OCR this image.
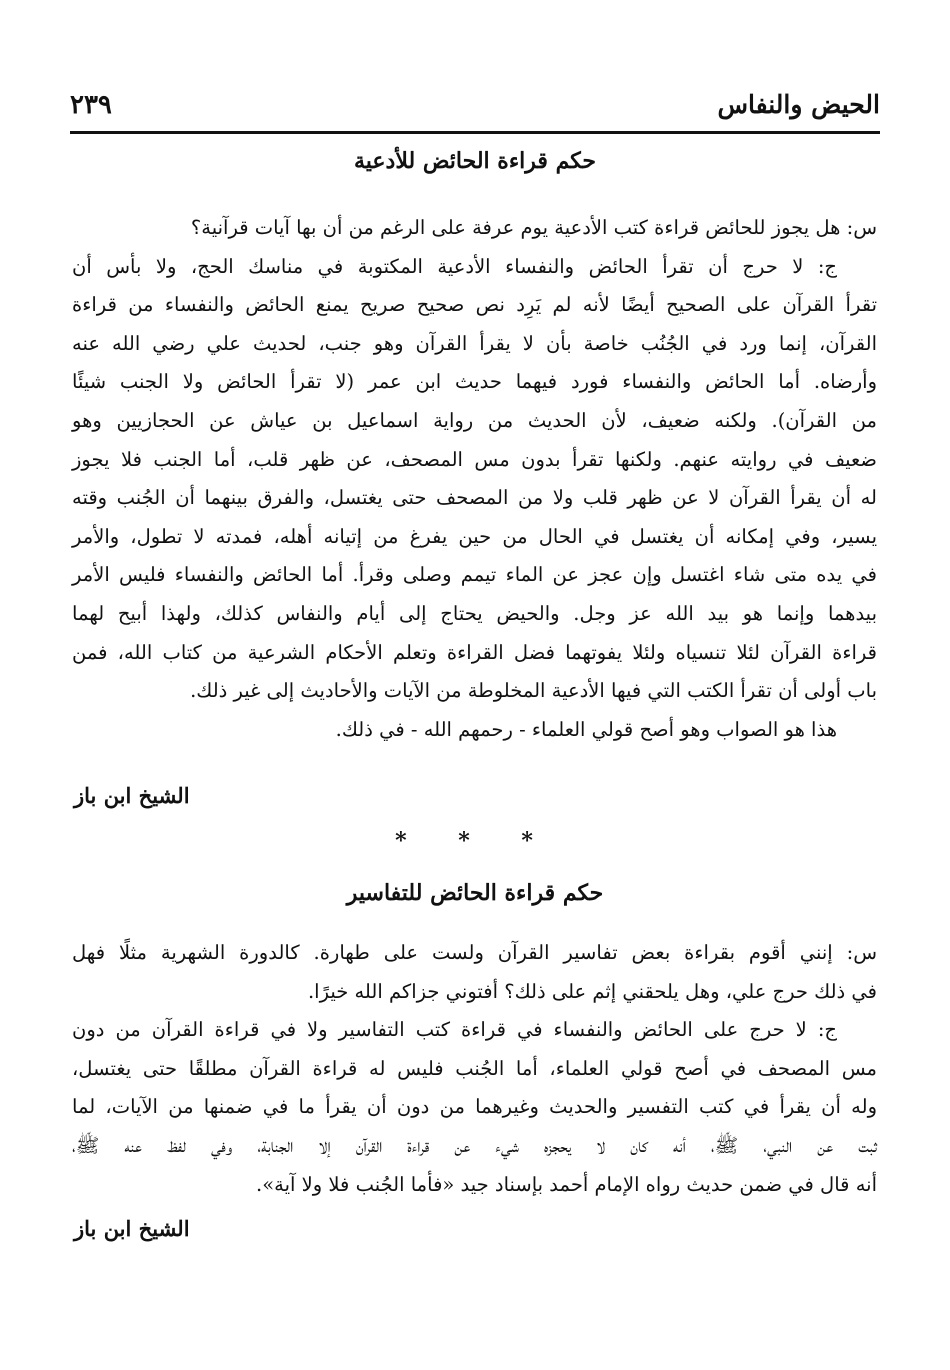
الحيض والنفاس
٢٣٩
حكم قراءة الحائض للأدعية
س: هل يجوز للحائض قراءة كتب الأدعية يوم عرفة على الرغم من أن بها آيات قرآنية؟
ج: لا حرج أن تقرأ الحائض والنفساء الأدعية المكتوبة في مناسك الحج، ولا بأس أن
تقرأ القرآن على الصحيح أيضًا لأنه لم يَرِد نص صحيح صريح يمنع الحائض والنفساء من قراءة
القرآن، إنما ورد في الجُنُب خاصة بأن لا يقرأ القرآن وهو جنب، لحديث علي رضي الله عنه
وأرضاه. أما الحائض والنفساء فورد فيهما حديث ابن عمر (لا تقرأ الحائض ولا الجنب شيئًا
من القرآن). ولكنه ضعيف، لأن الحديث من رواية اسماعيل بن عياش عن الحجازيين وهو
ضعيف في روايته عنهم. ولكنها تقرأ بدون مس المصحف، عن ظهر قلب، أما الجنب فلا يجوز
له أن يقرأ القرآن لا عن ظهر قلب ولا من المصحف حتى يغتسل، والفرق بينهما أن الجُنب وقته
يسير، وفي إمكانه أن يغتسل في الحال من حين يفرغ من إتيانه أهله، فمدته لا تطول، والأمر
في يده متى شاء اغتسل وإن عجز عن الماء تيمم وصلى وقرأ. أما الحائض والنفساء فليس الأمر
بيدهما وإنما هو بيد الله عز وجل. والحيض يحتاج إلى أيام والنفاس كذلك، ولهذا أبيح لهما
قراءة القرآن لئلا تنسياه ولئلا يفوتهما فضل القراءة وتعلم الأحكام الشرعية من كتاب الله، فمن
باب أولى أن تقرأ الكتب التي فيها الأدعية المخلوطة من الآيات والأحاديث إلى غير ذلك.
هذا هو الصواب وهو أصح قولي العلماء - رحمهم الله - في ذلك.
الشيخ ابن باز
* * *
حكم قراءة الحائض للتفاسير
س: إنني أقوم بقراءة بعض تفاسير القرآن ولست على طهارة. كالدورة الشهرية مثلًا فهل
في ذلك حرج علي، وهل يلحقني إثم على ذلك؟ أفتوني جزاكم الله خيرًا.
ج: لا حرج على الحائض والنفساء في قراءة كتب التفاسير ولا في قراءة القرآن من دون
مس المصحف في أصح قولي العلماء، أما الجُنب فليس له قراءة القرآن مطلقًا حتى يغتسل،
وله أن يقرأ في كتب التفسير والحديث وغيرهما من دون أن يقرأ ما في ضمنها من الآيات، لما
ثبت عن النبي، ﷺ، أنه كان لا يحجزه شيء عن قراءة القرآن إلا الجنابة، وفي لفظ عنه ﷺ،
أنه قال في ضمن حديث رواه الإمام أحمد بإسناد جيد «فأما الجُنب فلا ولا آية».
الشيخ ابن باز
